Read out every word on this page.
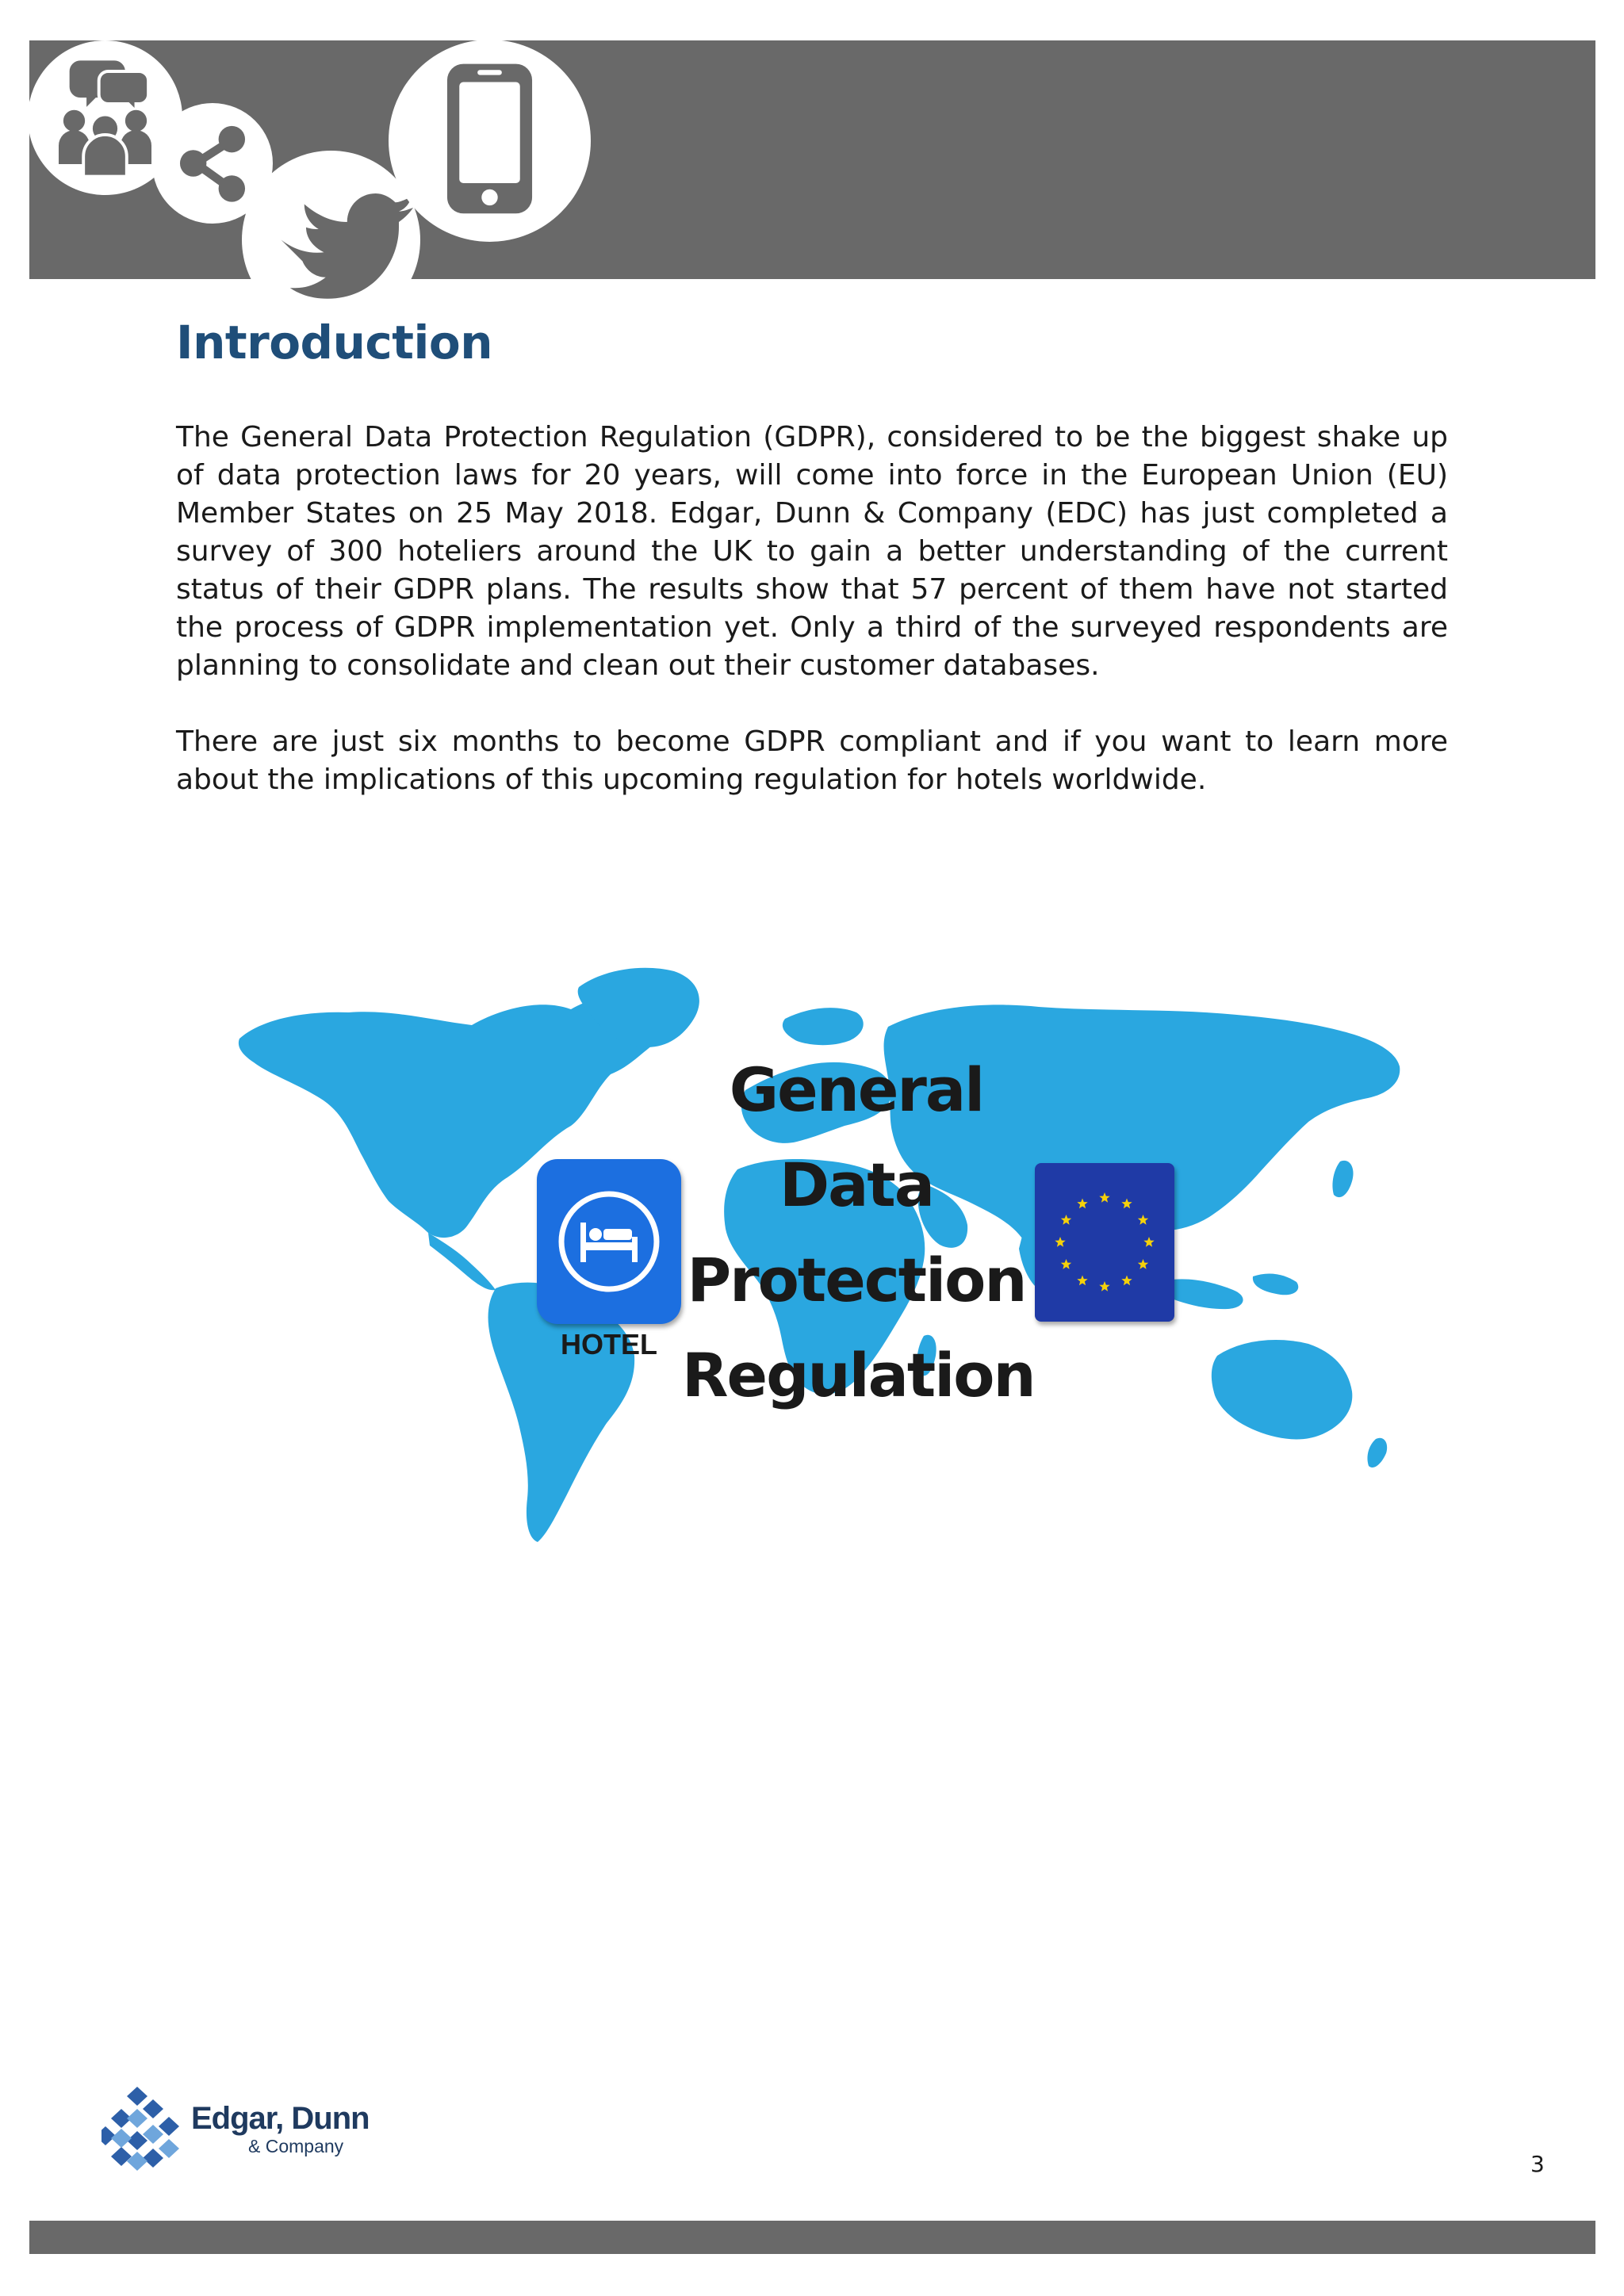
Introduction

The General Data Protection Regulation (GDPR), considered to be the biggest shake up of data protection laws for 20 years, will come into force in the European Union (EU) Member States on 25 May 2018. Edgar, Dunn & Company (EDC) has just completed a survey of 300 hoteliers around the UK to gain a better understanding of the current status of their GDPR plans. The results show that 57 percent of them have not started the process of GDPR implementation yet. Only a third of the surveyed respondents are planning to consolidate and clean out their customer databases.

There are just six months to become GDPR compliant and if you want to learn more about the implications of this upcoming regulation for hotels worldwide.

HOTEL
General
Data
Protection
Regulation
Edgar, Dunn
& Company
3
